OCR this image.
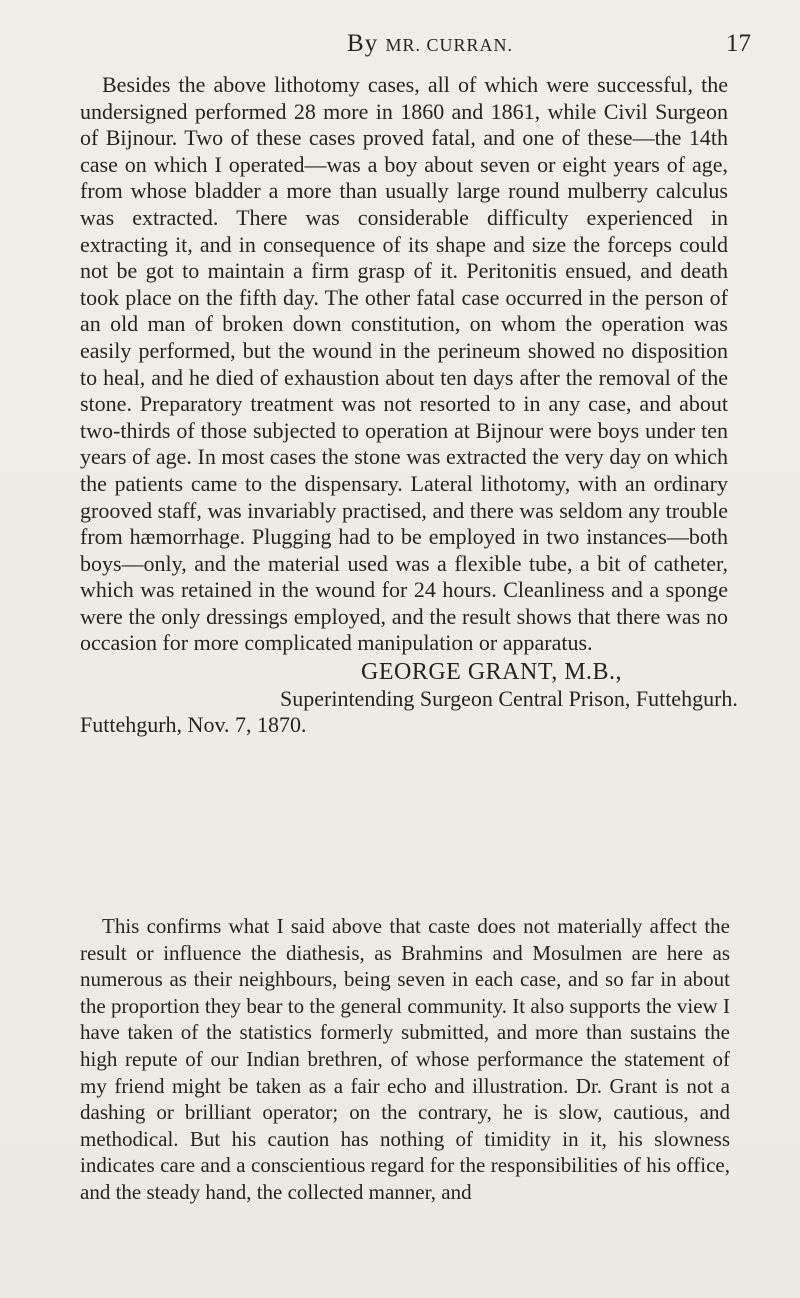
By MR. CURRAN.	17

Besides the above lithotomy cases, all of which were successful, the undersigned performed 28 more in 1860 and 1861, while Civil Surgeon of Bijnour. Two of these cases proved fatal, and one of these—the 14th case on which I operated—was a boy about seven or eight years of age, from whose bladder a more than usually large round mulberry calculus was extracted. There was considerable difficulty experienced in extracting it, and in consequence of its shape and size the forceps could not be got to maintain a firm grasp of it. Peritonitis ensued, and death took place on the fifth day. The other fatal case occurred in the person of an old man of broken down constitution, on whom the operation was easily performed, but the wound in the perineum showed no disposition to heal, and he died of exhaustion about ten days after the removal of the stone. Preparatory treatment was not resorted to in any case, and about two-thirds of those subjected to operation at Bijnour were boys under ten years of age. In most cases the stone was extracted the very day on which the patients came to the dispensary. Lateral lithotomy, with an ordinary grooved staff, was invariably practised, and there was seldom any trouble from hæmorrhage. Plugging had to be employed in two instances—both boys—only, and the material used was a flexible tube, a bit of catheter, which was retained in the wound for 24 hours. Cleanliness and a sponge were the only dressings employed, and the result shows that there was no occasion for more complicated manipulation or apparatus.

GEORGE GRANT, M.B.,

Superintending Surgeon Central Prison, Futtehgurh.

Futtehgurh, Nov. 7, 1870.

This confirms what I said above that caste does not materially affect the result or influence the diathesis, as Brahmins and Mosulmen are here as numerous as their neighbours, being seven in each case, and so far in about the proportion they bear to the general community. It also supports the view I have taken of the statistics formerly submitted, and more than sustains the high repute of our Indian brethren, of whose performance the statement of my friend might be taken as a fair echo and illustration. Dr. Grant is not a dashing or brilliant operator; on the contrary, he is slow, cautious, and methodical. But his caution has nothing of timidity in it, his slowness indicates care and a conscientious regard for the responsibilities of his office, and the steady hand, the collected manner, and
